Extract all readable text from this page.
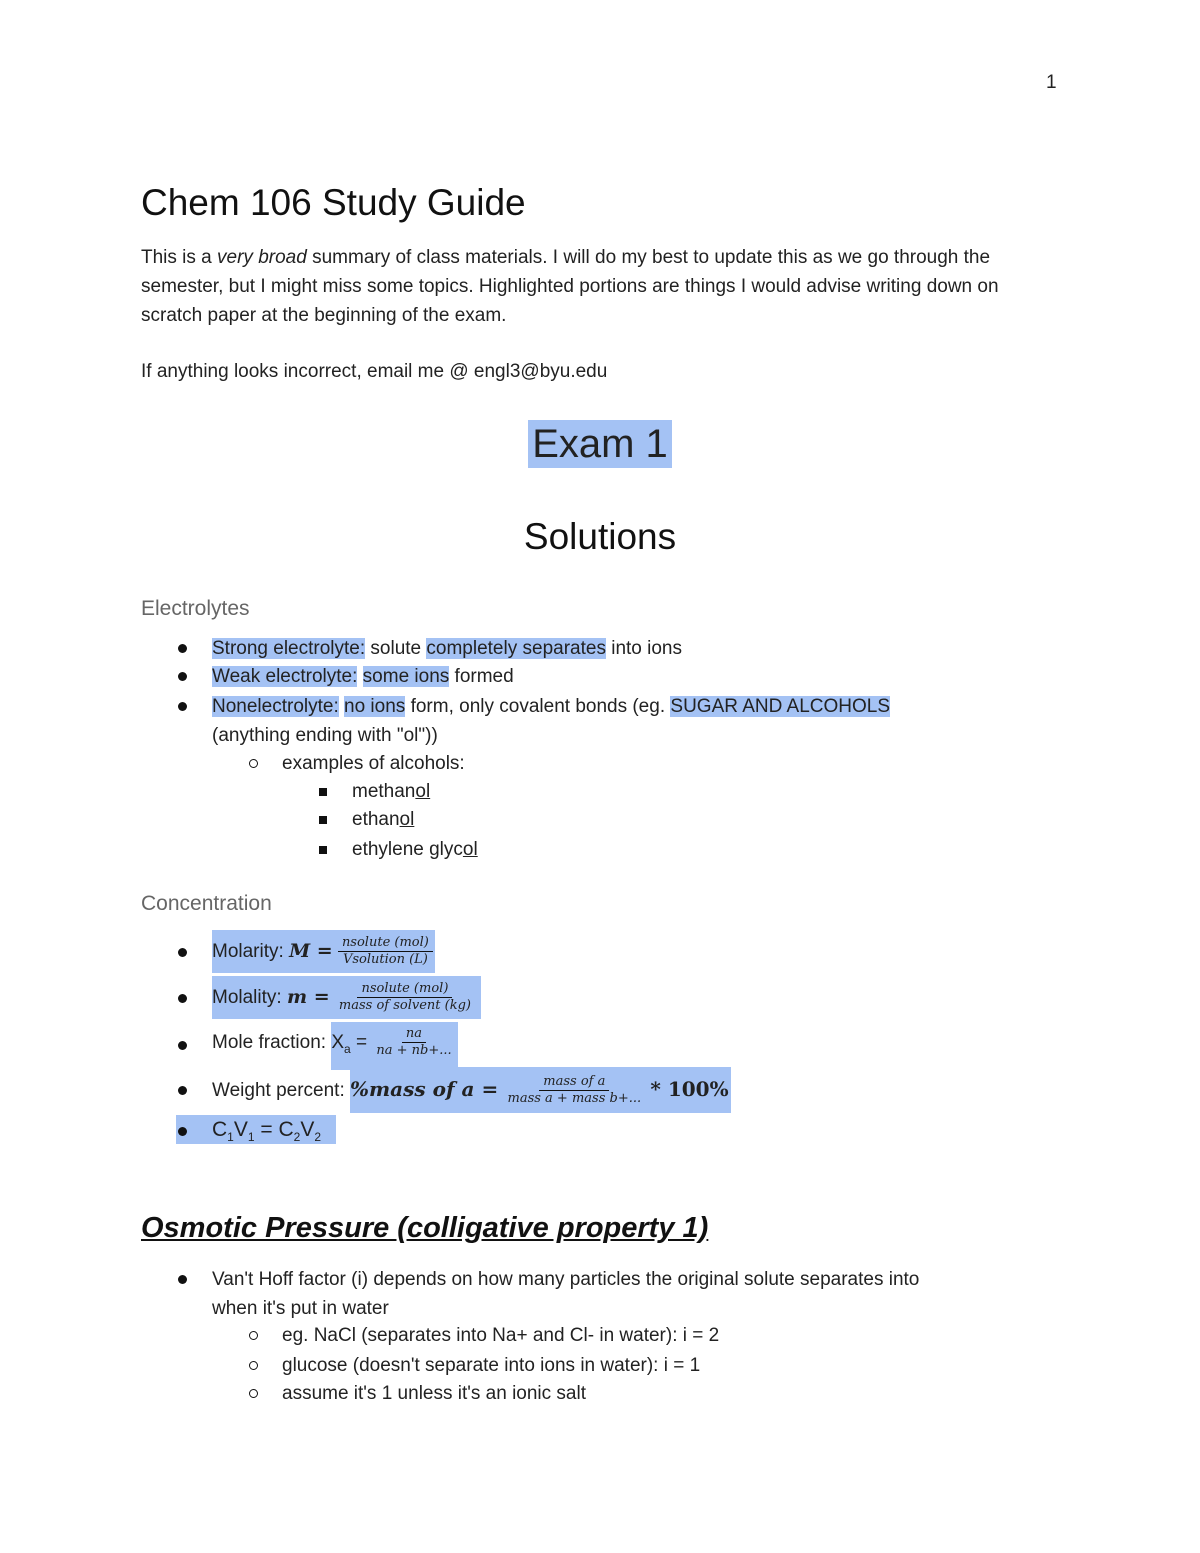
1
Chem 106 Study Guide
This is a very broad summary of class materials. I will do my best to update this as we go through the semester, but I might miss some topics. Highlighted portions are things I would advise writing down on scratch paper at the beginning of the exam.
If anything looks incorrect, email me @ engl3@byu.edu
Exam 1
Solutions
Electrolytes
Strong electrolyte: solute completely separates into ions
Weak electrolyte: some ions formed
Nonelectrolyte: no ions form, only covalent bonds (eg. SUGAR AND ALCOHOLS
(anything ending with "ol"))
examples of alcohols:
methanol
ethanol
ethylene glycol
Concentration
Molarity: $M = \frac{\text{nsolute (mol)}}{\text{Vsolution (L)}}$
Molality: $m = \frac{\text{nsolute (mol)}}{\text{mass of solvent (kg)}}$
Mole fraction: $X_a = \frac{na}{na + nb+...}$
Weight percent: %mass of $a = \frac{\text{mass of a}}{\text{mass a + mass b+...}} * 100\%$
$C_1V_1 = C_2V_2$
Osmotic Pressure (colligative property 1)
Van't Hoff factor (i) depends on how many particles the original solute separates into
when it's put in water
eg. NaCl (separates into Na+ and Cl- in water): i = 2
glucose (doesn't separate into ions in water): i = 1
assume it's 1 unless it's an ionic salt
